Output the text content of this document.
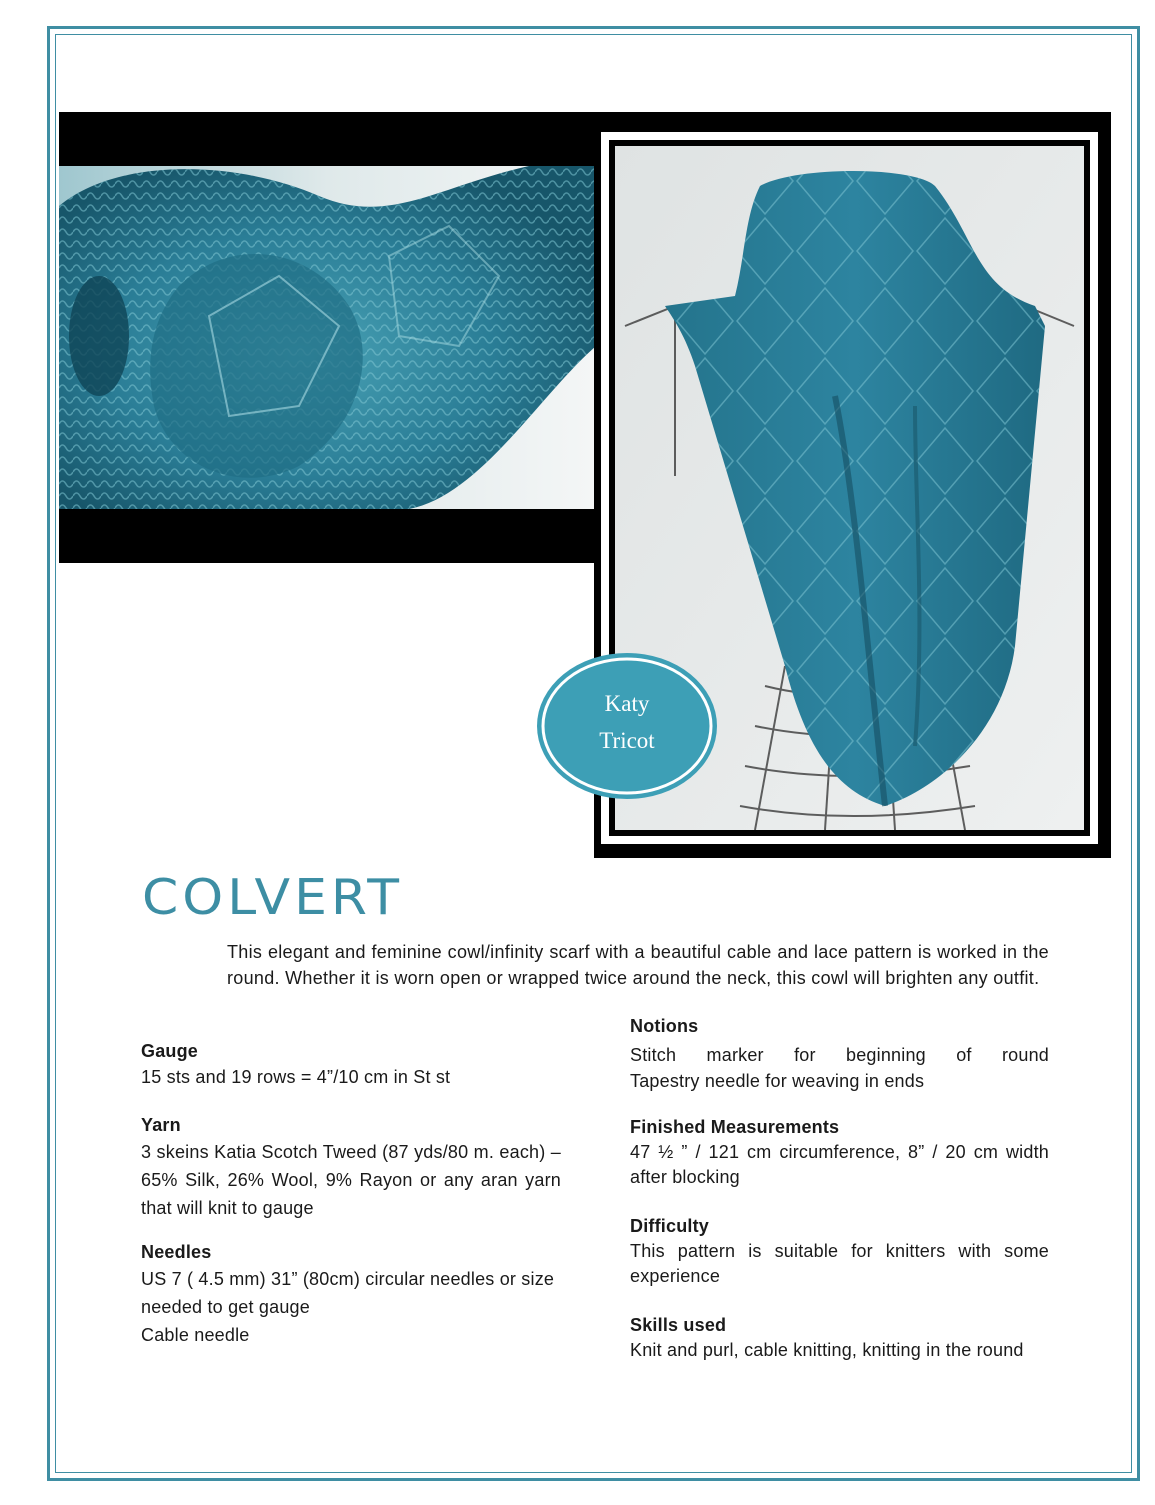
Katy
Tricot
COLVERT

This elegant and feminine cowl/infinity scarf with a beautiful cable and lace pattern is worked in the round. Whether it is worn open or wrapped twice around the neck, this cowl will brighten any outfit.

Gauge

15 sts and 19 rows = 4”/10 cm in St st

Yarn

3 skeins Katia Scotch Tweed (87 yds/80 m. each) – 65% Silk, 26% Wool, 9% Rayon or any aran yarn that will knit to gauge

Needles

US 7 ( 4.5 mm) 31” (80cm) circular needles or size needed to get gauge

Cable needle

Notions

Stitch marker for beginning of round

Tapestry needle for weaving in ends

Finished Measurements

47 ½ ” / 121 cm circumference, 8” / 20 cm width after blocking

Difficulty

This pattern is suitable for knitters with some experience

Skills used

Knit and purl, cable knitting, knitting in the round
